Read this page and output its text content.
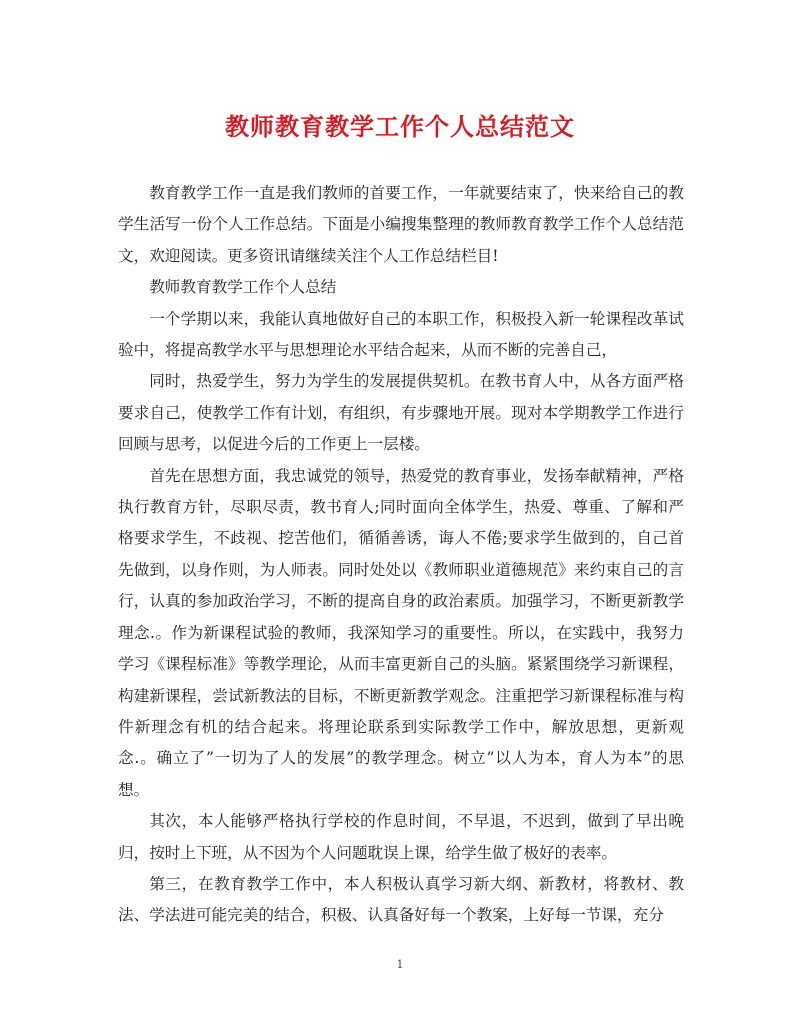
教师教育教学工作个人总结范文

教育教学工作一直是我们教师的首要工作，一年就要结束了，快来给自己的教学生活写一份个人工作总结。下面是小编搜集整理的教师教育教学工作个人总结范文，欢迎阅读。更多资讯请继续关注个人工作总结栏目!

教师教育教学工作个人总结

一个学期以来，我能认真地做好自己的本职工作，积极投入新一轮课程改革试验中，将提高教学水平与思想理论水平结合起来，从而不断的完善自己，

同时，热爱学生，努力为学生的发展提供契机。在教书育人中，从各方面严格要求自己，使教学工作有计划，有组织，有步骤地开展。现对本学期教学工作进行回顾与思考，以促进今后的工作更上一层楼。

首先在思想方面，我忠诚党的领导，热爱党的教育事业，发扬奉献精神，严格执行教育方针，尽职尽责，教书育人;同时面向全体学生，热爱、尊重、了解和严格要求学生，不歧视、挖苦他们，循循善诱，诲人不倦;要求学生做到的，自己首先做到，以身作则，为人师表。同时处处以《教师职业道德规范》来约束自己的言行，认真的参加政治学习，不断的提高自身的政治素质。加强学习，不断更新教学理念.。作为新课程试验的教师，我深知学习的重要性。所以，在实践中，我努力学习《课程标准》等教学理论，从而丰富更新自己的头脑。紧紧围绕学习新课程，构建新课程，尝试新教法的目标，不断更新教学观念。注重把学习新课程标准与构件新理念有机的结合起来。将理论联系到实际教学工作中，解放思想，更新观念.。确立了”一切为了人的发展”的教学理念。树立”以人为本，育人为本”的思想。

其次，本人能够严格执行学校的作息时间，不早退，不迟到，做到了早出晚归，按时上下班，从不因为个人问题耽误上课，给学生做了极好的表率。

第三，在教育教学工作中，本人积极认真学习新大纲、新教材，将教材、教法、学法进可能完美的结合，积极、认真备好每一个教案，上好每一节课，充分

1
